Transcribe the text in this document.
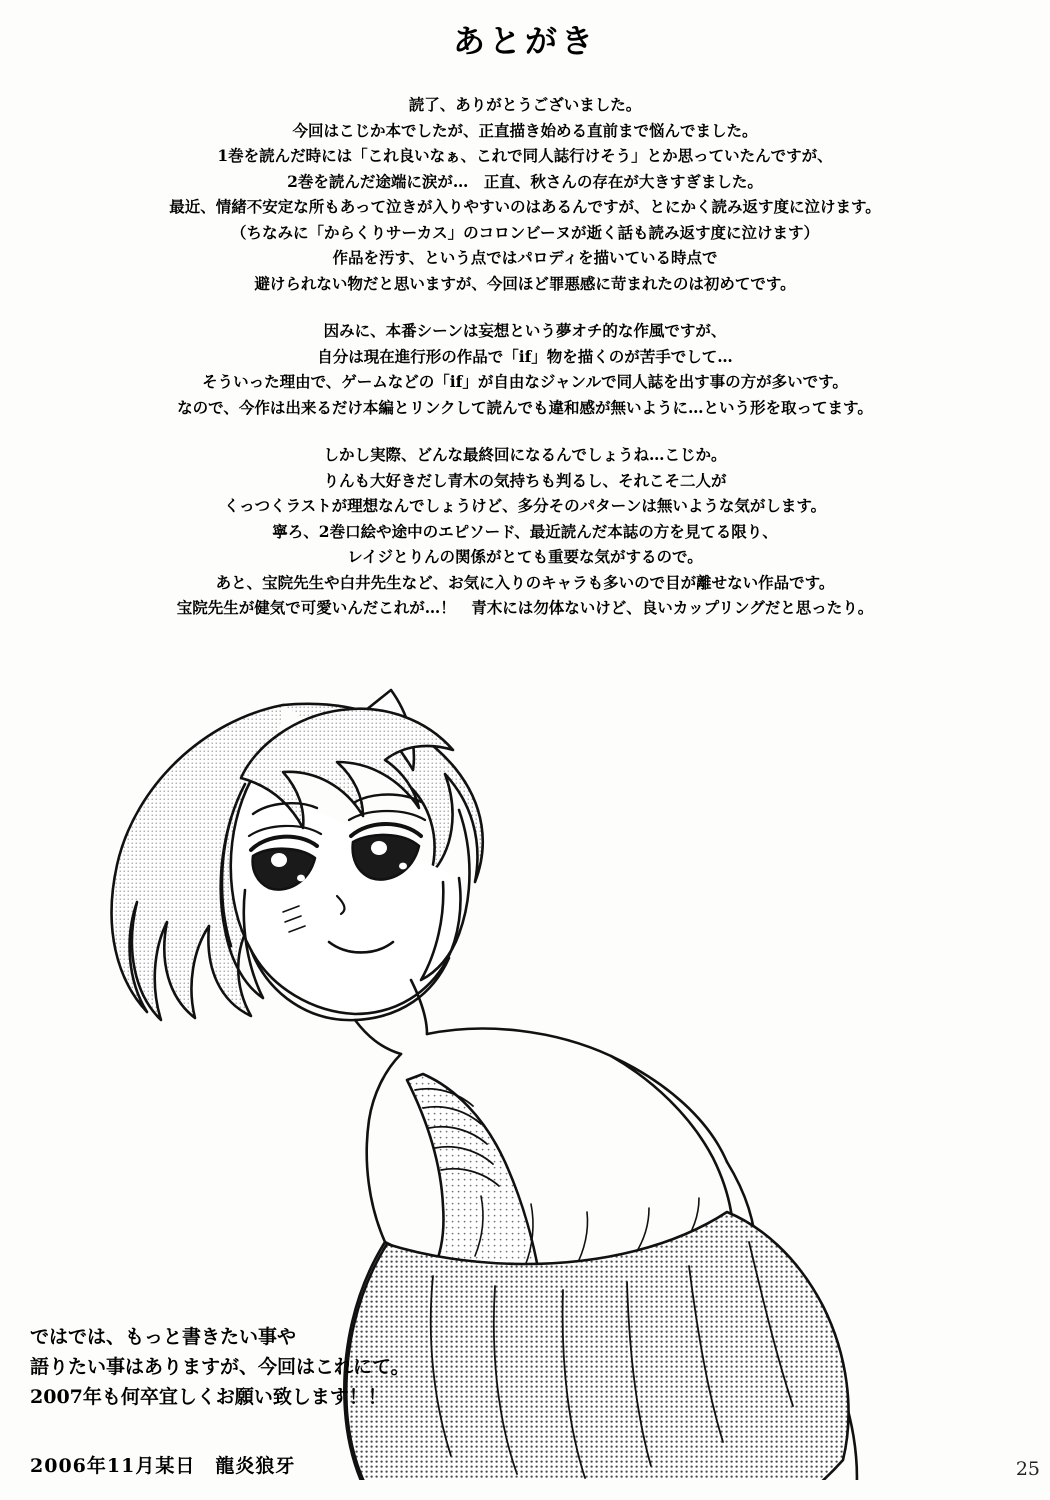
あとがき

読了、ありがとうございました。
今回はこじか本でしたが、正直描き始める直前まで悩んでました。
1巻を読んだ時には「これ良いなぁ、これで同人誌行けそう」とか思っていたんですが、
2巻を読んだ途端に涙が…　正直、秋さんの存在が大きすぎました。
最近、情緒不安定な所もあって泣きが入りやすいのはあるんですが、とにかく読み返す度に泣けます。
（ちなみに「からくりサーカス」のコロンビーヌが逝く話も読み返す度に泣けます）
作品を汚す、という点ではパロディを描いている時点で
避けられない物だと思いますが、今回ほど罪悪感に苛まれたのは初めてです。

因みに、本番シーンは妄想という夢オチ的な作風ですが、
自分は現在進行形の作品で「if」物を描くのが苦手でして…
そういった理由で、ゲームなどの「if」が自由なジャンルで同人誌を出す事の方が多いです。
なので、今作は出来るだけ本編とリンクして読んでも違和感が無いように…という形を取ってます。

しかし実際、どんな最終回になるんでしょうね…こじか。
りんも大好きだし青木の気持ちも判るし、それこそ二人が
くっつくラストが理想なんでしょうけど、多分そのパターンは無いような気がします。
寧ろ、2巻口絵や途中のエピソード、最近読んだ本誌の方を見てる限り、
レイジとりんの関係がとても重要な気がするので。
あと、宝院先生や白井先生など、お気に入りのキャラも多いので目が離せない作品です。
宝院先生が健気で可愛いんだこれが…！　青木には勿体ないけど、良いカップリングだと思ったり。

ではでは、もっと書きたい事や
語りたい事はありますが、今回はこれにて。
2007年も何卒宜しくお願い致します！！
2006年11月某日　龍炎狼牙	25
